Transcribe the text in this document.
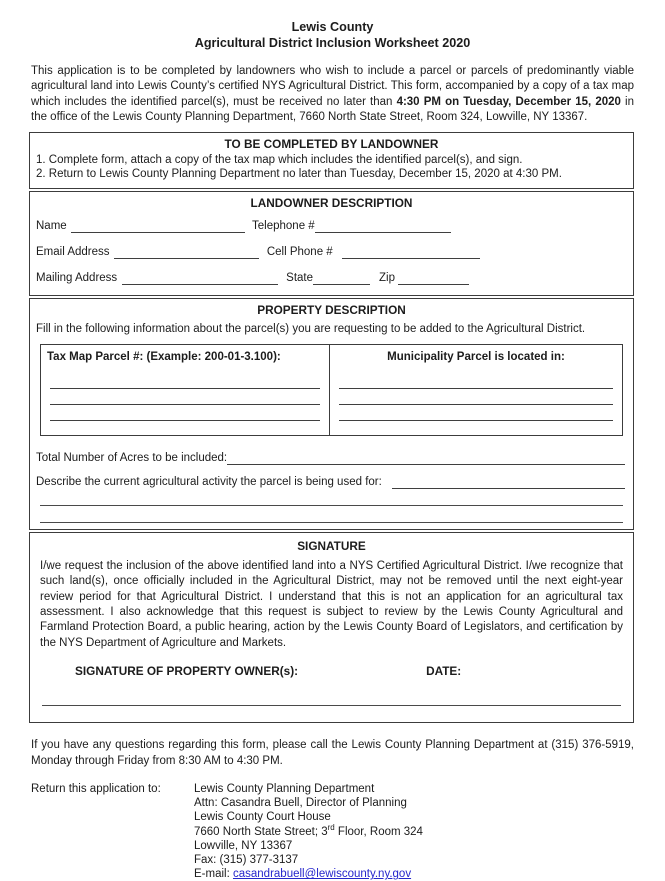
Lewis County
Agricultural District Inclusion Worksheet 2020
This application is to be completed by landowners who wish to include a parcel or parcels of predominantly viable agricultural land into Lewis County’s certified NYS Agricultural District. This form, accompanied by a copy of a tax map which includes the identified parcel(s), must be received no later than 4:30 PM on Tuesday, December 15, 2020 in the office of the Lewis County Planning Department, 7660 North State Street, Room 324, Lowville, NY 13367.
TO BE COMPLETED BY LANDOWNER
1. Complete form, attach a copy of the tax map which includes the identified parcel(s), and sign.
2. Return to Lewis County Planning Department no later than Tuesday, December 15, 2020 at 4:30 PM.
LANDOWNER DESCRIPTION
Name	Telephone #
Email Address	Cell Phone #
Mailing Address	State	Zip
PROPERTY DESCRIPTION
Fill in the following information about the parcel(s) you are requesting to be added to the Agricultural District.
Tax Map Parcel #: (Example: 200-01-3.100):	Municipality Parcel is located in:
Total Number of Acres to be included:
Describe the current agricultural activity the parcel is being used for:
SIGNATURE
I/we request the inclusion of the above identified land into a NYS Certified Agricultural District. I/we recognize that such land(s), once officially included in the Agricultural District, may not be removed until the next eight-year review period for that Agricultural District. I understand that this is not an application for an agricultural tax assessment. I also acknowledge that this request is subject to review by the Lewis County Agricultural and Farmland Protection Board, a public hearing, action by the Lewis County Board of Legislators, and certification by the NYS Department of Agriculture and Markets.
SIGNATURE OF PROPERTY OWNER(s):	DATE:
If you have any questions regarding this form, please call the Lewis County Planning Department at (315) 376-5919, Monday through Friday from 8:30 AM to 4:30 PM.
Return this application to:	Lewis County Planning Department
Attn: Casandra Buell, Director of Planning
Lewis County Court House
7660 North State Street; 3rd Floor, Room 324
Lowville, NY 13367
Fax: (315) 377-3137
E-mail: casandrabuell@lewiscounty.ny.gov
